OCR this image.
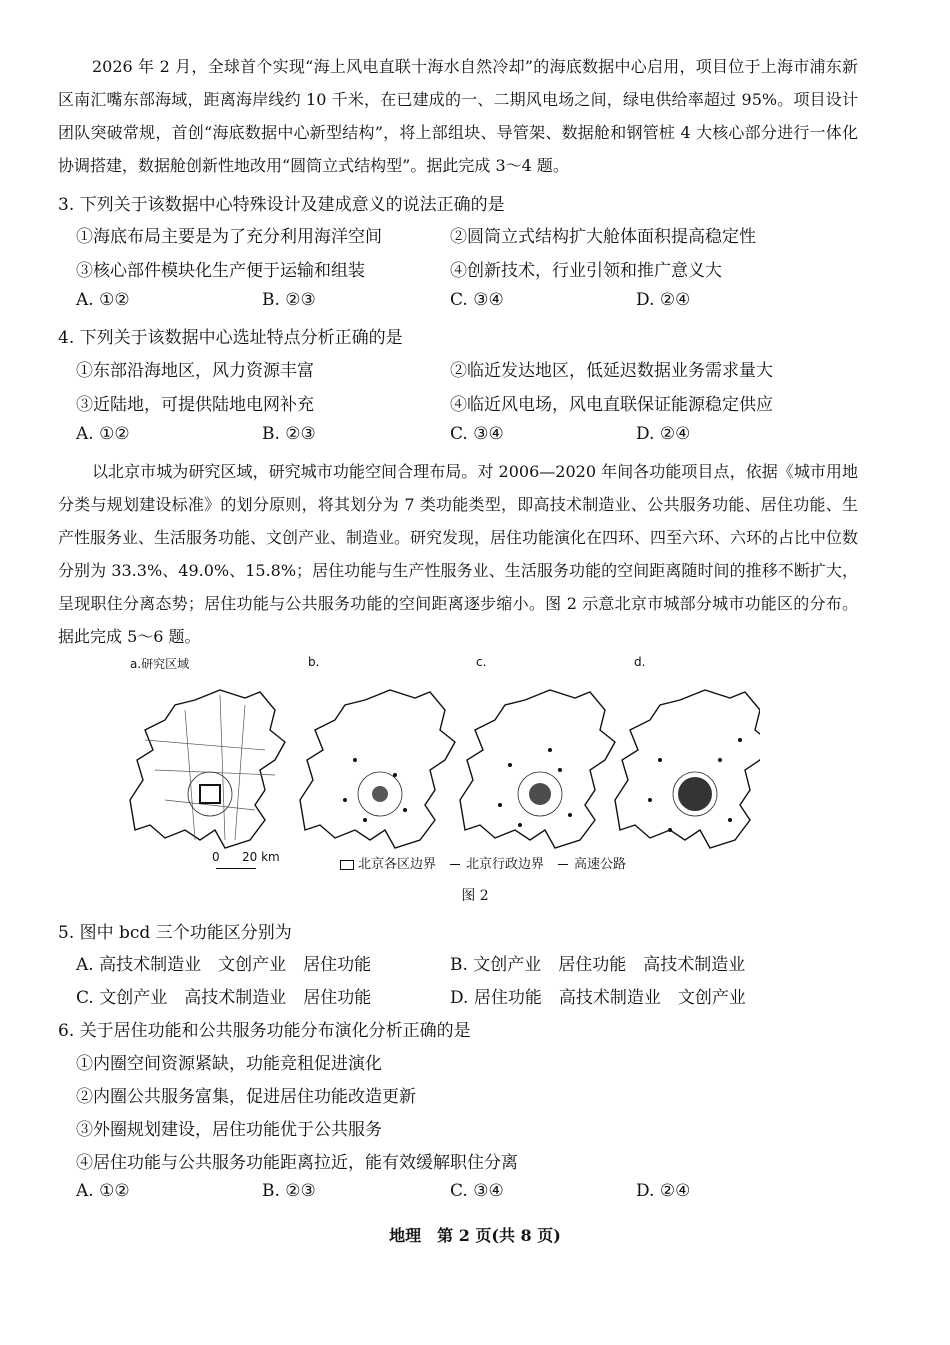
2026 年 2 月，全球首个实现“海上风电直联十海水自然冷却”的海底数据中心启用，项目位于上海市浦东新区南汇嘴东部海域，距离海岸线约 10 千米，在已建成的一、二期风电场之间，绿电供给率超过 95%。项目设计团队突破常规，首创“海底数据中心新型结构”，将上部组块、导管架、数据舱和钢管桩 4 大核心部分进行一体化协调搭建，数据舱创新性地改用“圆筒立式结构型”。据此完成 3～4 题。

3. 下列关于该数据中心特殊设计及建成意义的说法正确的是

①海底布局主要是为了充分利用海洋空间	②圆筒立式结构扩大舱体面积提高稳定性

③核心部件模块化生产便于运输和组装	④创新技术，行业引领和推广意义大

A. ①②	B. ②③	C. ③④	D. ②④

4. 下列关于该数据中心选址特点分析正确的是

①东部沿海地区，风力资源丰富	②临近发达地区，低延迟数据业务需求量大

③近陆地，可提供陆地电网补充	④临近风电场，风电直联保证能源稳定供应

A. ①②	B. ②③	C. ③④	D. ②④

以北京市城为研究区域，研究城市功能空间合理布局。对 2006—2020 年间各功能项目点，依据《城市用地分类与规划建设标准》的划分原则，将其划分为 7 类功能类型，即高技术制造业、公共服务功能、居住功能、生产性服务业、生活服务功能、文创产业、制造业。研究发现，居住功能演化在四环、四至六环、六环的占比中位数分别为 33.3%、49.0%、15.8%；居住功能与生产性服务业、生活服务功能的空间距离随时间的推移不断扩大，呈现职住分离态势；居住功能与公共服务功能的空间距离逐步缩小。图 2 示意北京市城部分城市功能区的分布。据此完成 5～6 题。

a.研究区域	b.	c.	d.
0 20 km	北京各区边界 北京行政边界 高速公路
图 2

5. 图中 bcd 三个功能区分别为

A. 高技术制造业　文创产业　居住功能	B. 文创产业　居住功能　高技术制造业
C. 文创产业　高技术制造业　居住功能	D. 居住功能　高技术制造业　文创产业

6. 关于居住功能和公共服务功能分布演化分析正确的是

①内圈空间资源紧缺，功能竞租促进演化

②内圈公共服务富集，促进居住功能改造更新

③外圈规划建设，居住功能优于公共服务

④居住功能与公共服务功能距离拉近，能有效缓解职住分离

A. ①②	B. ②③	C. ③④	D. ②④
地理　第 2 页(共 8 页)
